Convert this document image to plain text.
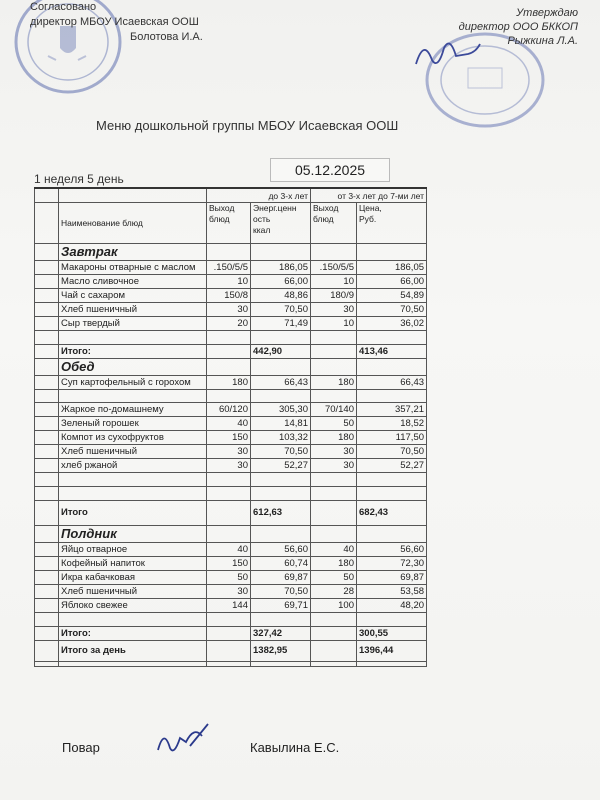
Согласовано
директор МБОУ Исаевская ООШ
Болотова И.А.
Утверждаю
директор ООО БККОП
Рыжкина Л.А.
Меню дошкольной группы МБОУ Исаевская ООШ
05.12.2025
1 неделя 5 день
		до 3-х лет		от 3-х лет до 7-ми лет	
	Наименование блюд	Выход
блюд	Энерг.ценн
ость
ккал	Выход
блюд	Цена,
Руб.
	Завтрак				
	Макароны отварные с маслом	.150/5/5	186,05	.150/5/5	186,05
	Масло сливочное	10	66,00	10	66,00
	Чай с сахаром	150/8	48,86	180/9	54,89
	Хлеб пшеничный	30	70,50	30	70,50
	Сыр твердый	20	71,49	10	36,02

	Итого:		442,90		413,46
	Обед				
	Суп картофельный с горохом	180	66,43	180	66,43

	Жаркое по-домашнему	60/120	305,30	70/140	357,21
	Зеленый горошек	40	14,81	50	18,52
	Компот из сухофруктов	150	103,32	180	117,50
	Хлеб пшеничный	30	70,50	30	70,50
	хлеб ржаной	30	52,27	30	52,27

	Итого		612,63		682,43
	Полдник				
	Яйцо отварное	40	56,60	40	56,60
	Кофейный напиток	150	60,74	180	72,30
	Икра кабачковая	50	69,87	50	69,87
	Хлеб пшеничный	30	70,50	28	53,58
	Яблоко свежее	144	69,71	100	48,20

	Итого:		327,42		300,55
	Итого за день		1382,95		1396,44

Повар	Кавылина Е.С.
